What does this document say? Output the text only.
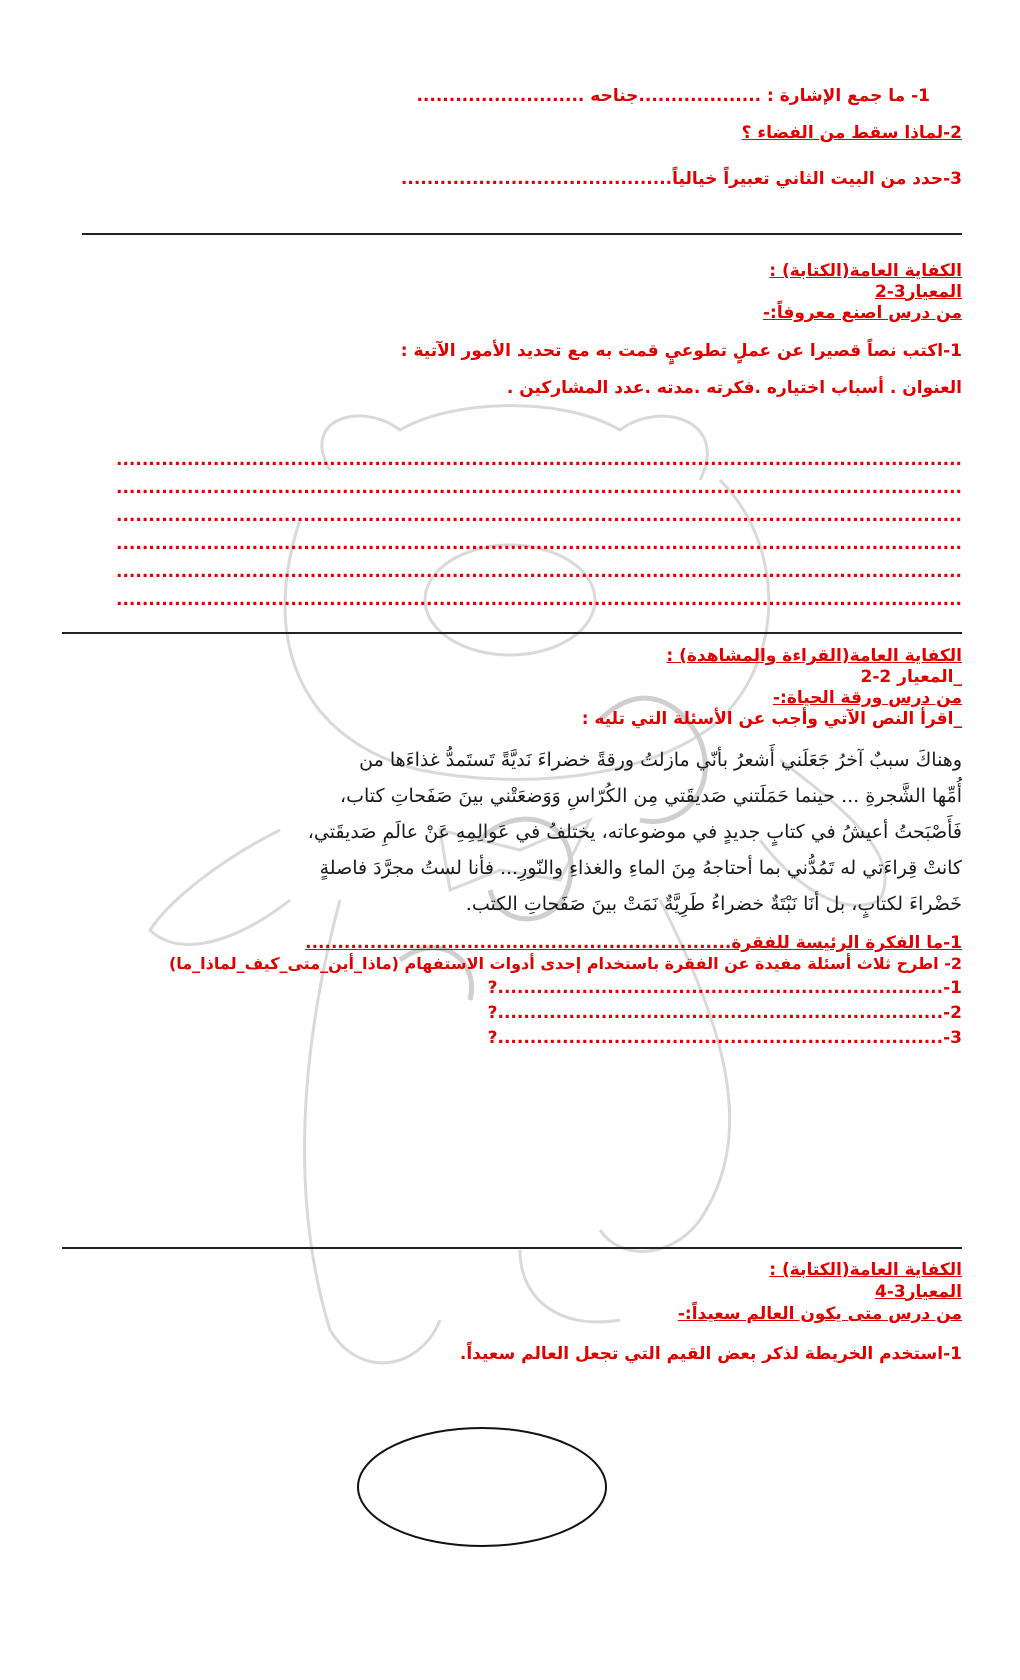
1- ما جمع الإشارة : ...................جناحه ..........................
2-لماذا سقط من الفضاء ؟
3-حدد من البيت الثاني تعبيراً خيالياً..........................................
الكفاية العامة(الكتابة) :
المعيار3-2
من درس اصنع معروفاً:-
1-اكتب نصاً قصيرا عن عملٍ تطوعيٍ قمت به مع تحديد الأمور الآتية :
العنوان . أسباب اختياره .فكرته .مدته .عدد المشاركين .
...................................................................................................................................
...................................................................................................................................
...................................................................................................................................
...................................................................................................................................
...................................................................................................................................
...................................................................................................................................
الكفاية العامة(القراءة والمشاهدة) :
_المعيار 2-2
من درس ورقة الحياة:-
_اقرأ النص الآتي وأجب عن الأسئلة التي تليه :

وهناكَ سببٌ آخرُ جَعَلَني أَشعرُ بأنّي مازلتُ ورقةً خضراءَ نَديَّةً تَستَمدُّ غذاءَها من

أُمِّها الشَّجرةِ ... حينما حَمَلَتني صَديقَتي مِن الكُرّاسِ وَوَضعَتْني بينَ صَفَحاتِ كتاب،

فَأَصْبَحتُ أعيشُ في كتابٍ جديدٍ في موضوعاته، يختلفُ في عَوالِمِهِ عَنْ عالَمِ صَديقَتي،

كانتْ قِراءَتي له تَمُدُّني بما أحتاجهُ مِنَ الماءِ والغذاءِ والنّورِ... فأنا لستُ مجرَّدَ فاصلةٍ

خَضْراءَ لكتابٍ، بل أنَا نَبْتَةٌ خضراءُ طَرِيَّةٌ نَمَتْ بينَ صَفَحاتِ الكتب.

1-ما الفكرة الرئيسة للفقرة..................................................................
2- اطرح ثلاث أسئلة مفيدة عن الفقرة باستخدام إحدى أدوات الاستفهام (ماذا_أين_متى_كيف_لماذا_ما)
1-.....................................................................?
2-.....................................................................?
3-.....................................................................?
الكفاية العامة(الكتابة) :
المعيار3-4
من درس متى يكون العالم سعيداً:-
1-استخدم الخريطة لذكر بعض القيم التي تجعل العالم سعيداً.
